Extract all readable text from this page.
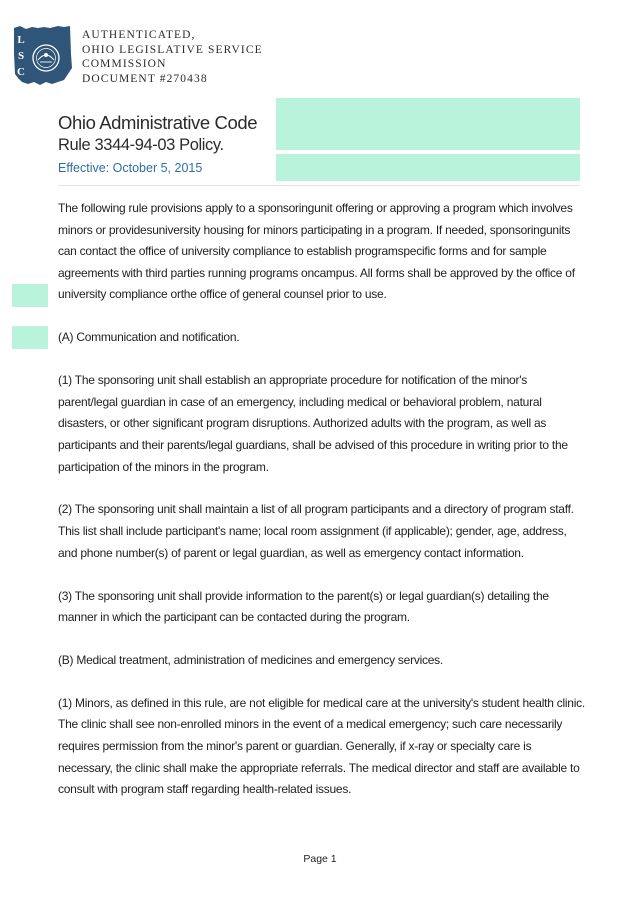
L
S
C
AUTHENTICATED,
OHIO LEGISLATIVE SERVICE
COMMISSION
DOCUMENT #270438
Ohio Administrative Code
Rule 3344-94-03 Policy.
Effective: October 5, 2015

The following rule provisions apply to a sponsoringunit offering or approving a program which involves minors or providesuniversity housing for minors participating in a program. If needed, sponsoringunits can contact the office of university compliance to establish programspecific forms and for sample agreements with third parties running programs oncampus. All forms shall be approved by the office of university compliance orthe office of general counsel prior to use.

(A) Communication and notification.

(1) The sponsoring unit shall establish an appropriate procedure for notification of the minor's parent/legal guardian in case of an emergency, including medical or behavioral problem, natural disasters, or other significant program disruptions. Authorized adults with the program, as well as participants and their parents/legal guardians, shall be advised of this procedure in writing prior to the participation of the minors in the program.

(2) The sponsoring unit shall maintain a list of all program participants and a directory of program staff. This list shall include participant's name; local room assignment (if applicable); gender, age, address, and phone number(s) of parent or legal guardian, as well as emergency contact information.

(3) The sponsoring unit shall provide information to the parent(s) or legal guardian(s) detailing the manner in which the participant can be contacted during the program.

(B) Medical treatment, administration of medicines and emergency services.

(1) Minors, as defined in this rule, are not eligible for medical care at the university's student health clinic. The clinic shall see non-enrolled minors in the event of a medical emergency; such care necessarily requires permission from the minor's parent or guardian. Generally, if x-ray or specialty care is necessary, the clinic shall make the appropriate referrals. The medical director and staff are available to consult with program staff regarding health-related issues.

Page 1
